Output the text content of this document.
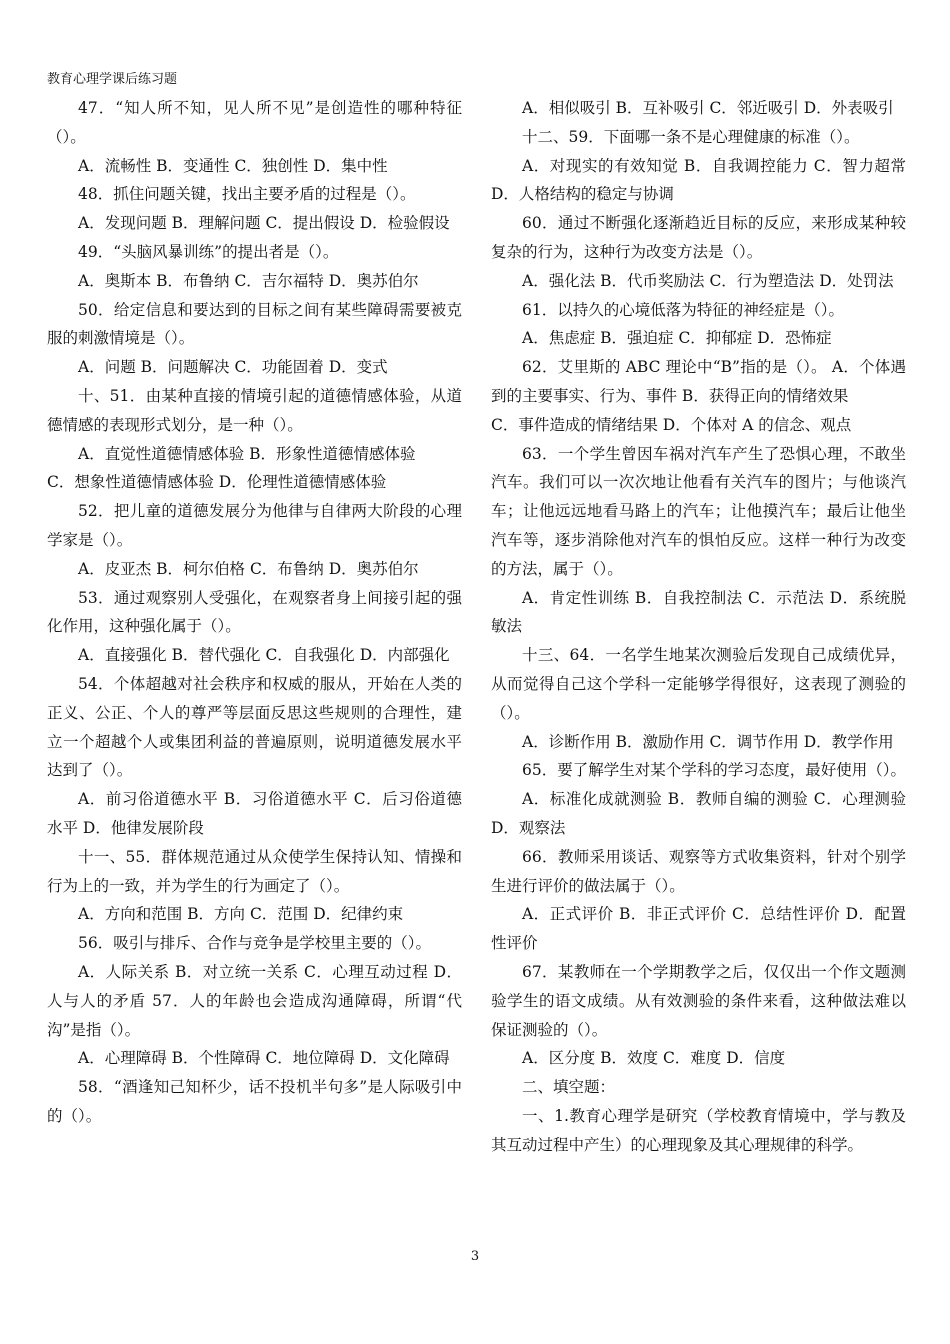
教育心理学课后练习题

47．“知人所不知，见人所不见”是创造性的哪种特征（）。

A．流畅性 B．变通性 C．独创性 D．集中性

48．抓住问题关键，找出主要矛盾的过程是（）。

A．发现问题 B．理解问题 C．提出假设 D．检验假设

49．“头脑风暴训练”的提出者是（）。

A．奥斯本 B．布鲁纳 C．吉尔福特 D．奥苏伯尔

50．给定信息和要达到的目标之间有某些障碍需要被克服的刺激情境是（）。

A．问题 B．问题解决 C．功能固着 D．变式

十、51．由某种直接的情境引起的道德情感体验，从道德情感的表现形式划分，是一种（）。

A．直觉性道德情感体验 B．形象性道德情感体验

C．想象性道德情感体验 D．伦理性道德情感体验

52．把儿童的道德发展分为他律与自律两大阶段的心理学家是（）。

A．皮亚杰 B．柯尔伯格 C．布鲁纳 D．奥苏伯尔

53．通过观察别人受强化，在观察者身上间接引起的强化作用，这种强化属于（）。

A．直接强化 B．替代强化 C．自我强化 D．内部强化

54．个体超越对社会秩序和权威的服从，开始在人类的正义、公正、个人的尊严等层面反思这些规则的合理性，建立一个超越个人或集团利益的普遍原则，说明道德发展水平达到了（）。

A．前习俗道德水平 B．习俗道德水平 C．后习俗道德水平 D．他律发展阶段

十一、55．群体规范通过从众使学生保持认知、情操和行为上的一致，并为学生的行为画定了（）。

A．方向和范围 B．方向 C．范围 D．纪律约束

56．吸引与排斥、合作与竞争是学校里主要的（）。

A．人际关系 B．对立统一关系 C．心理互动过程 D．人与人的矛盾 57．人的年龄也会造成沟通障碍，所谓“代沟”是指（）。

A．心理障碍 B．个性障碍 C．地位障碍 D．文化障碍

58．“酒逢知己知杯少，话不投机半句多”是人际吸引中的（）。

A．相似吸引 B．互补吸引 C．邻近吸引 D．外表吸引

十二、59．下面哪一条不是心理健康的标准（）。

A．对现实的有效知觉 B．自我调控能力 C．智力超常 D．人格结构的稳定与协调

60．通过不断强化逐渐趋近目标的反应，来形成某种较复杂的行为，这种行为改变方法是（）。

A．强化法 B．代币奖励法 C．行为塑造法 D．处罚法

61．以持久的心境低落为特征的神经症是（）。

A．焦虑症 B．强迫症 C．抑郁症 D．恐怖症

62．艾里斯的 ABC 理论中“B”指的是（）。 A．个体遇到的主要事实、行为、事件 B．获得正向的情绪效果

C．事件造成的情绪结果 D．个体对 A 的信念、观点

63．一个学生曾因车祸对汽车产生了恐惧心理，不敢坐汽车。我们可以一次次地让他看有关汽车的图片；与他谈汽车；让他远远地看马路上的汽车；让他摸汽车；最后让他坐汽车等，逐步消除他对汽车的惧怕反应。这样一种行为改变的方法，属于（）。

A．肯定性训练 B．自我控制法 C．示范法 D．系统脱敏法

十三、64．一名学生地某次测验后发现自己成绩优异，从而觉得自己这个学科一定能够学得很好，这表现了测验的（）。

A．诊断作用 B．激励作用 C．调节作用 D．教学作用

65．要了解学生对某个学科的学习态度，最好使用（）。

A．标准化成就测验 B．教师自编的测验 C．心理测验 D．观察法

66．教师采用谈话、观察等方式收集资料，针对个别学生进行评价的做法属于（）。

A．正式评价 B．非正式评价 C．总结性评价 D．配置性评价

67．某教师在一个学期教学之后，仅仅出一个作文题测验学生的语文成绩。从有效测验的条件来看，这种做法难以保证测验的（）。

A．区分度 B．效度 C．难度 D．信度

二、填空题：

一、1.教育心理学是研究（学校教育情境中，学与教及其互动过程中产生）的心理现象及其心理规律的科学。

3
